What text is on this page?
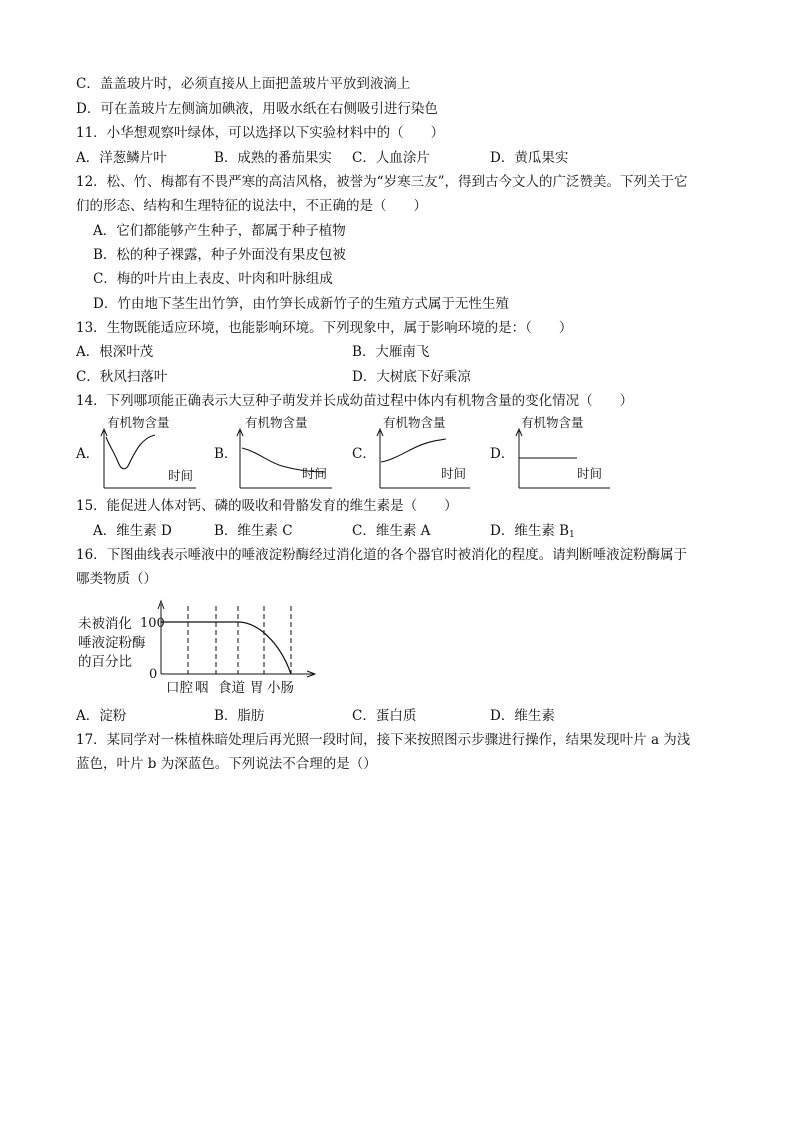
C．盖盖玻片时，必须直接从上面把盖玻片平放到液滴上
D．可在盖玻片左侧滴加碘液，用吸水纸在右侧吸引进行染色
11．小华想观察叶绿体，可以选择以下实验材料中的（　　）
A．洋葱鳞片叶	B．成熟的番茄果实 C．人血涂片	D．黄瓜果实
12．松、竹、梅都有不畏严寒的高洁风格，被誉为“岁寒三友”，得到古今文人的广泛赞美。下列关于它
们的形态、结构和生理特征的说法中，不正确的是（　　）
A．它们都能够产生种子，都属于种子植物
B．松的种子裸露，种子外面没有果皮包被
C．梅的叶片由上表皮、叶肉和叶脉组成
D．竹由地下茎生出竹笋，由竹笋长成新竹子的生殖方式属于无性生殖
13．生物既能适应环境，也能影响环境。下列现象中，属于影响环境的是：（　　）
A．根深叶茂	B．大雁南飞
C．秋风扫落叶	D．大树底下好乘凉
14．下列哪项能正确表示大豆种子萌发并长成幼苗过程中体内有机物含量的变化情况（　　）
A．
有机物含量
时间
B．
有机物含量
时间
C．
有机物含量
时间
D．
有机物含量
时间
15．能促进人体对钙、磷的吸收和骨骼发育的维生素是（　　）
A．维生素 D	B．维生素 C	C．维生素 A	D．维生素 $B_1$
16．下图曲线表示唾液中的唾液淀粉酶经过消化道的各个器官时被消化的程度。请判断唾液淀粉酶属于
哪类物质（）
未被消化
唾液淀粉酶
的百分比
100
0
口腔 咽 食道 胃 小肠
A．淀粉	B．脂肪	C．蛋白质	D．维生素
17．某同学对一株植株暗处理后再光照一段时间，接下来按照图示步骤进行操作，结果发现叶片 a 为浅
蓝色，叶片 b 为深蓝色。下列说法不合理的是（）
